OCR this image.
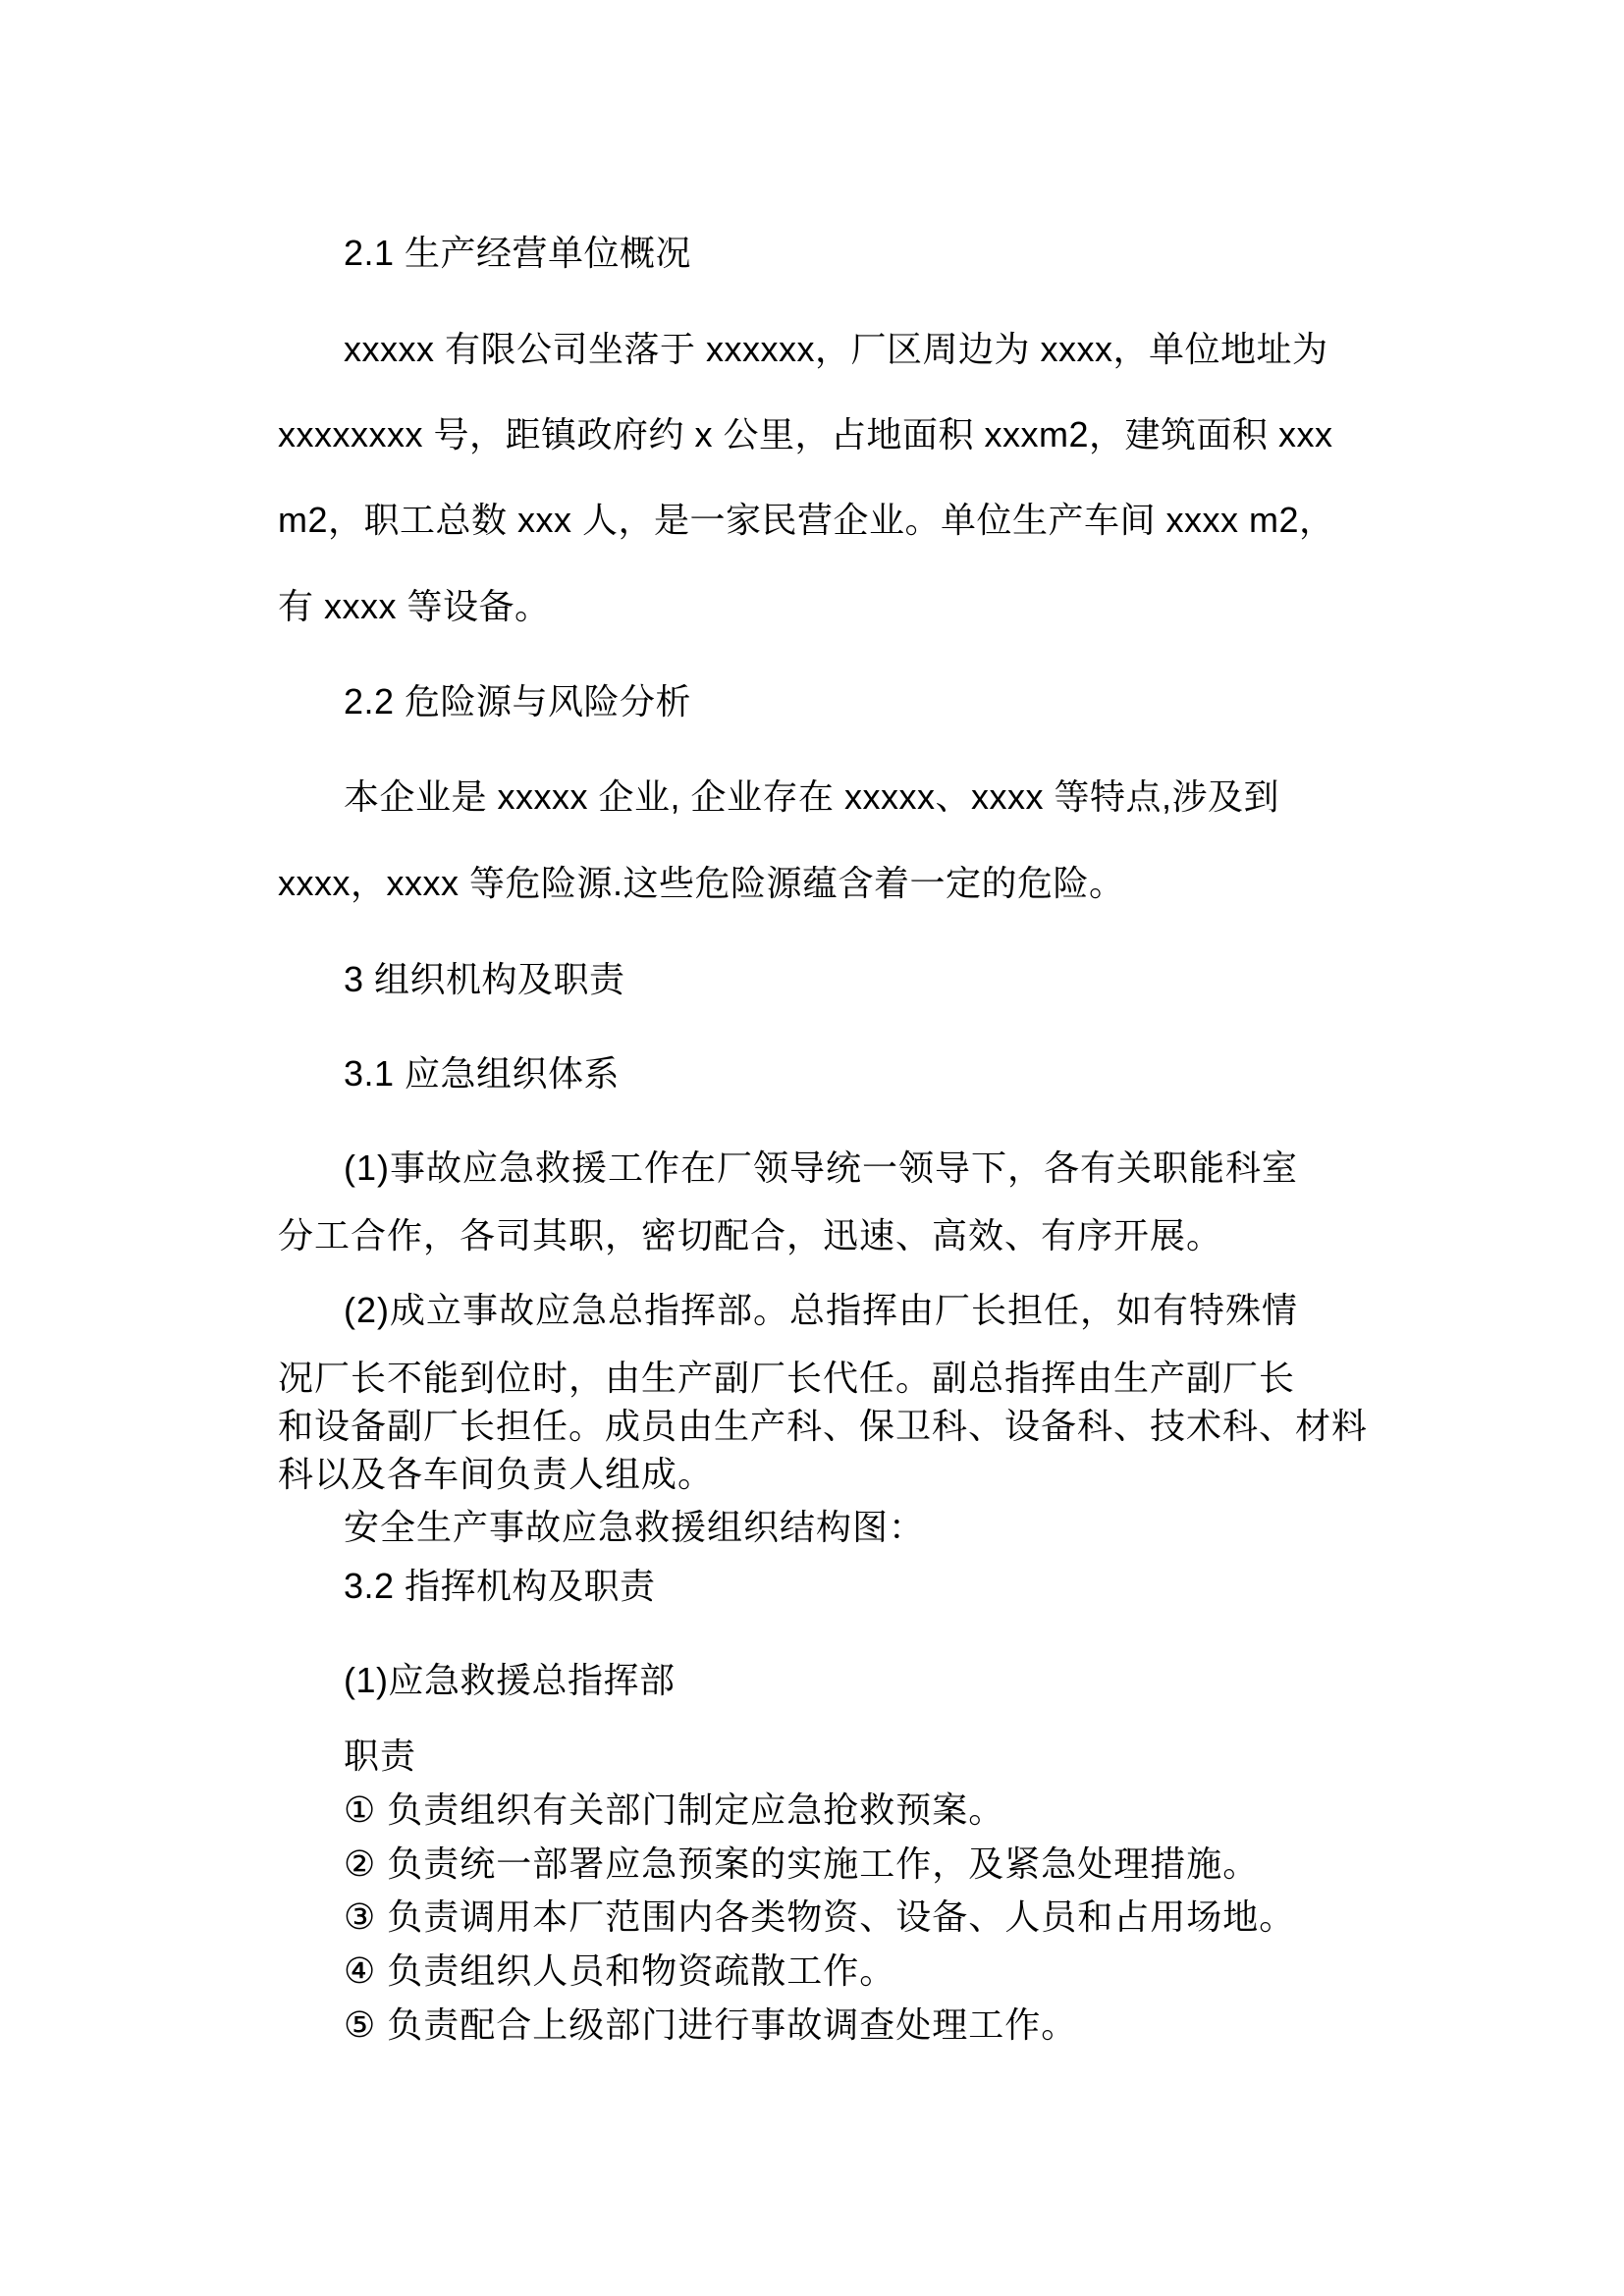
2.1 生产经营单位概况
xxxxx 有限公司坐落于 xxxxxx，厂区周边为 xxxx，单位地址为
xxxxxxxx 号，距镇政府约 x 公里，占地面积 xxxm2，建筑面积 xxx
m2，职工总数 xxx 人，是一家民营企业。单位生产车间 xxxx m2，
有 xxxx 等设备。
2.2 危险源与风险分析
本企业是 xxxxx 企业, 企业存在 xxxxx、xxxx 等特点,涉及到
xxxx，xxxx 等危险源.这些危险源蕴含着一定的危险。
3 组织机构及职责
3.1 应急组织体系
(1)事故应急救援工作在厂领导统一领导下，各有关职能科室
分工合作，各司其职，密切配合，迅速、高效、有序开展。
(2)成立事故应急总指挥部。总指挥由厂长担任，如有特殊情
况厂长不能到位时，由生产副厂长代任。副总指挥由生产副厂长
和设备副厂长担任。成员由生产科、保卫科、设备科、技术科、材料
科以及各车间负责人组成。
安全生产事故应急救援组织结构图：
3.2 指挥机构及职责
(1)应急救援总指挥部
职责
① 负责组织有关部门制定应急抢救预案。
② 负责统一部署应急预案的实施工作，及紧急处理措施。
③ 负责调用本厂范围内各类物资、设备、人员和占用场地。
④ 负责组织人员和物资疏散工作。
⑤ 负责配合上级部门进行事故调查处理工作。
